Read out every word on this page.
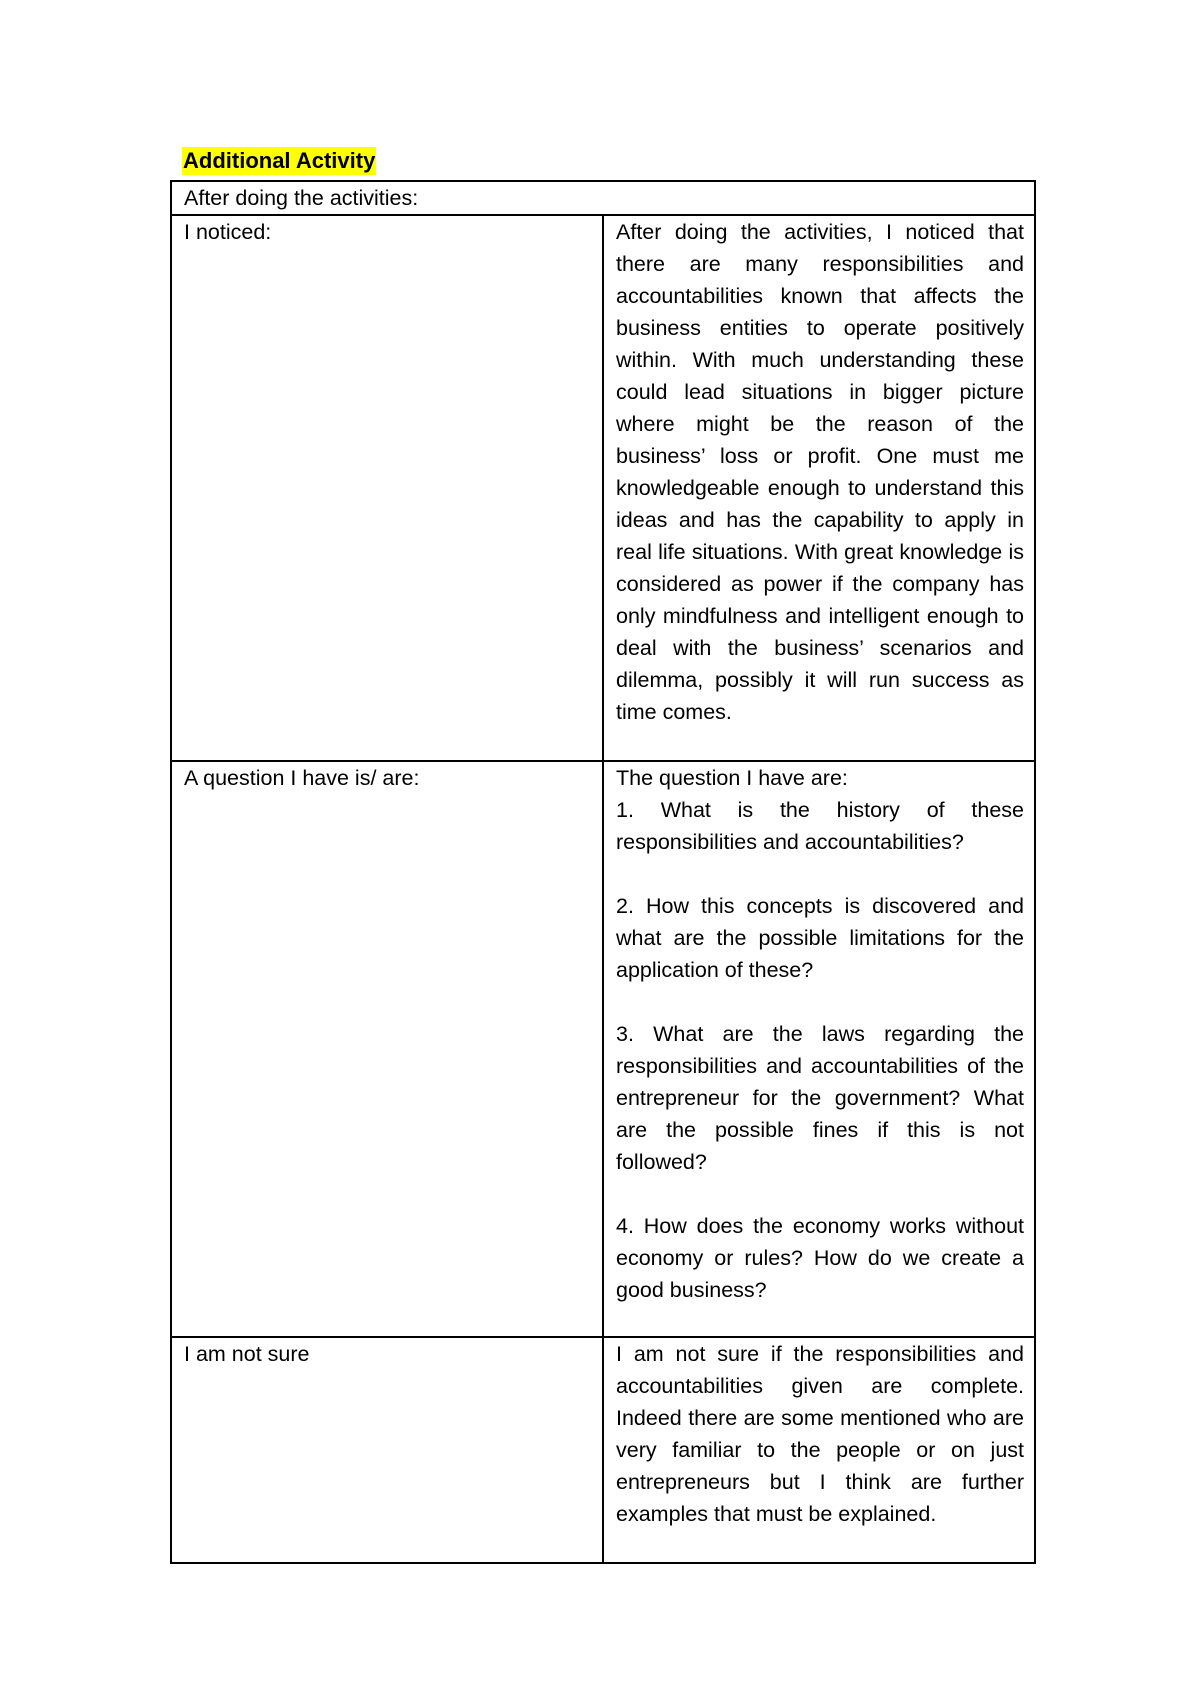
Additional Activity
After doing the activities:	
I noticed:	After doing the activities, I noticed that there are many responsibilities and accountabilities known that affects the business entities to operate positively within. With much understanding these could lead situations in bigger picture where might be the reason of the business’ loss or profit. One must me knowledgeable enough to understand this ideas and has the capability to apply in real life situations. With great knowledge is considered as power if the company has only mindfulness and intelligent enough to deal with the business’ scenarios and dilemma, possibly it will run success as time comes.

A question I have is/ are:	The question I have are:

1. What is the history of these responsibilities and accountabilities?

2. How this concepts is discovered and what are the possible limitations for the application of these?

3. What are the laws regarding the responsibilities and accountabilities of the entrepreneur for the government? What are the possible fines if this is not followed?

4. How does the economy works without economy or rules? How do we create a good business?

I am not sure	I am not sure if the responsibilities and accountabilities given are complete. Indeed there are some mentioned who are very familiar to the people or on just entrepreneurs but I think are further examples that must be explained.
